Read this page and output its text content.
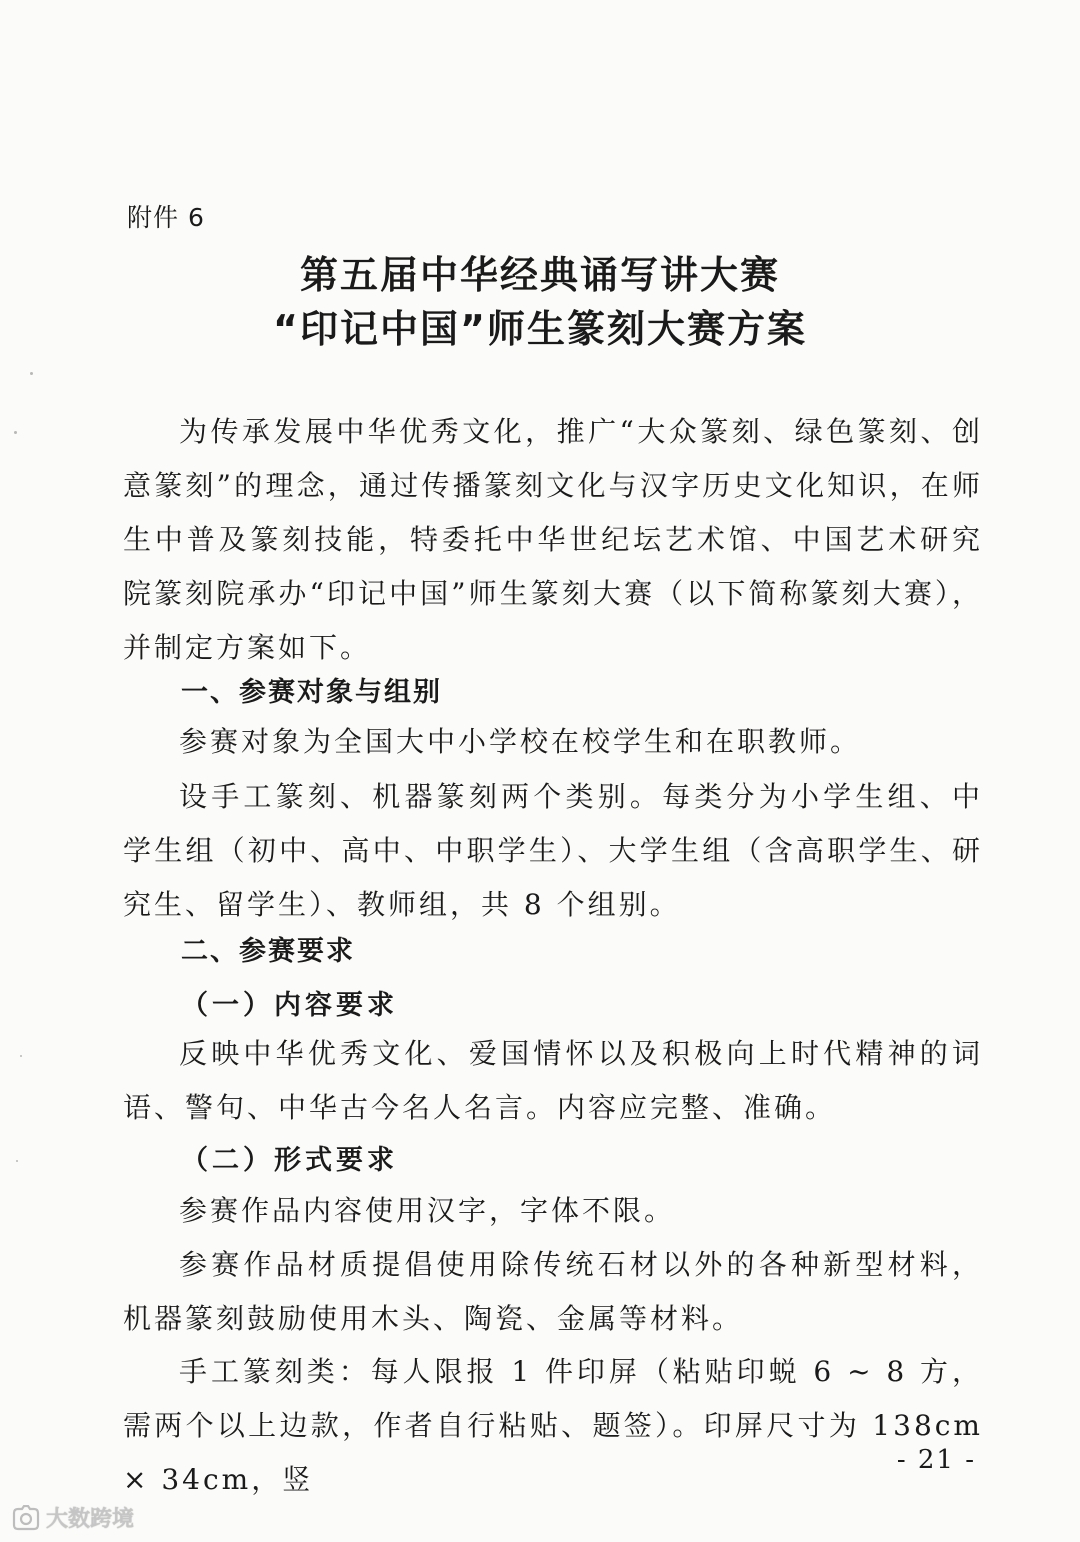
附件 6
第五届中华经典诵写讲大赛
“印记中国”师生篆刻大赛方案

为传承发展中华优秀文化，推广“大众篆刻、绿色篆刻、创意篆刻”的理念，通过传播篆刻文化与汉字历史文化知识，在师生中普及篆刻技能，特委托中华世纪坛艺术馆、中国艺术研究院篆刻院承办“印记中国”师生篆刻大赛（以下简称篆刻大赛），并制定方案如下。

一、参赛对象与组别

参赛对象为全国大中小学校在校学生和在职教师。

设手工篆刻、机器篆刻两个类别。每类分为小学生组、中学生组（初中、高中、中职学生）、大学生组（含高职学生、研究生、留学生）、教师组，共 8 个组别。

二、参赛要求
（一）内容要求

反映中华优秀文化、爱国情怀以及积极向上时代精神的词语、警句、中华古今名人名言。内容应完整、准确。

（二）形式要求

参赛作品内容使用汉字，字体不限。

参赛作品材质提倡使用除传统石材以外的各种新型材料，机器篆刻鼓励使用木头、陶瓷、金属等材料。

手工篆刻类：每人限报 1 件印屏（粘贴印蜕 6 ~ 8 方，需两个以上边款，作者自行粘贴、题签）。印屏尺寸为 138cm × 34cm，竖

- 21 -
大数跨境
